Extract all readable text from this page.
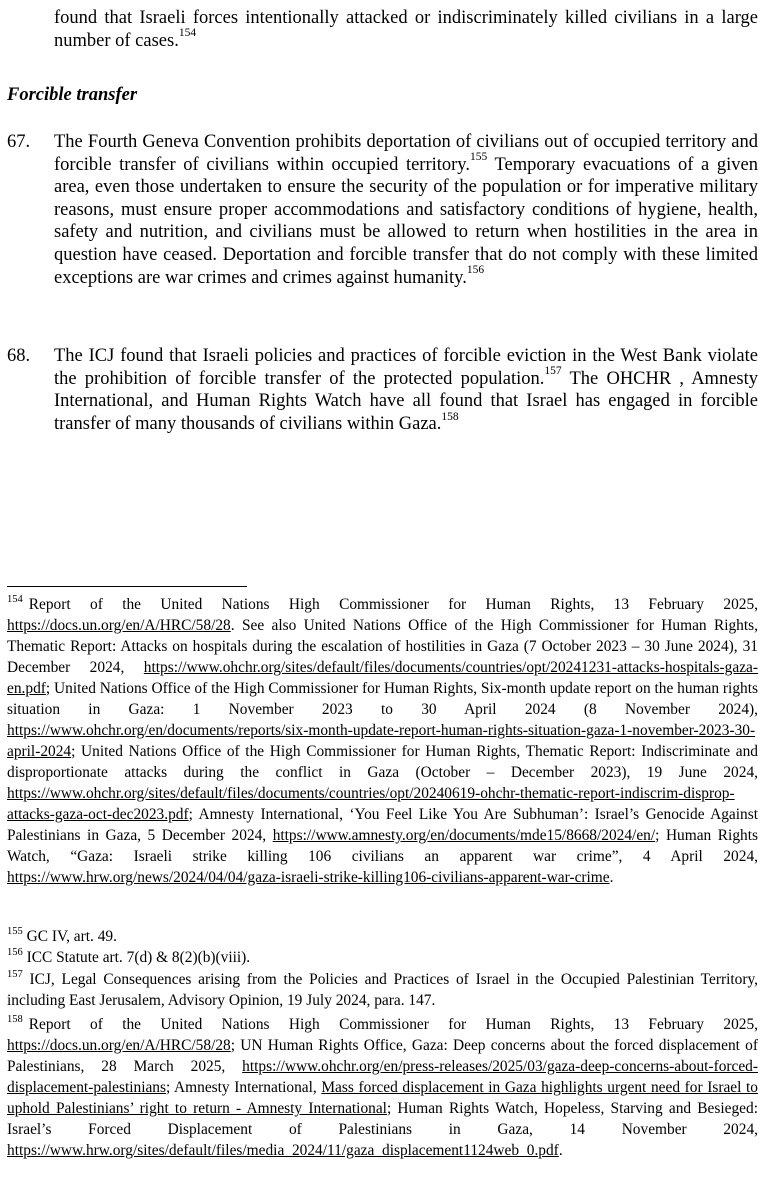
found that Israeli forces intentionally attacked or indiscriminately killed civilians in a large number of cases.$^{154}$
Forcible transfer
67. The Fourth Geneva Convention prohibits deportation of civilians out of occupied territory and forcible transfer of civilians within occupied territory.$^{155}$ Temporary evacuations of a given area, even those undertaken to ensure the security of the population or for imperative military reasons, must ensure proper accommodations and satisfactory conditions of hygiene, health, safety and nutrition, and civilians must be allowed to return when hostilities in the area in question have ceased. Deportation and forcible transfer that do not comply with these limited exceptions are war crimes and crimes against humanity.$^{156}$
68. The ICJ found that Israeli policies and practices of forcible eviction in the West Bank violate the prohibition of forcible transfer of the protected population.$^{157}$ The OHCHR , Amnesty International, and Human Rights Watch have all found that Israel has engaged in forcible transfer of many thousands of civilians within Gaza.$^{158}$
$^{154}$ Report of the United Nations High Commissioner for Human Rights, 13 February 2025, https://docs.un.org/en/A/HRC/58/28. See also United Nations Office of the High Commissioner for Human Rights, Thematic Report: Attacks on hospitals during the escalation of hostilities in Gaza (7 October 2023 – 30 June 2024), 31 December 2024, https://www.ohchr.org/sites/default/files/documents/countries/opt/20241231-attacks-hospitals-gaza-en.pdf; United Nations Office of the High Commissioner for Human Rights, Six-month update report on the human rights situation in Gaza: 1 November 2023 to 30 April 2024 (8 November 2024), https://www.ohchr.org/en/documents/reports/six-month-update-report-human-rights-situation-gaza-1-november-2023-30-april-2024; United Nations Office of the High Commissioner for Human Rights, Thematic Report: Indiscriminate and disproportionate attacks during the conflict in Gaza (October – December 2023), 19 June 2024, https://www.ohchr.org/sites/default/files/documents/countries/opt/20240619-ohchr-thematic-report-indiscrim-disprop-attacks-gaza-oct-dec2023.pdf; Amnesty International, ‘You Feel Like You Are Subhuman’: Israel’s Genocide Against Palestinians in Gaza, 5 December 2024, https://www.amnesty.org/en/documents/mde15/8668/2024/en/; Human Rights Watch, “Gaza: Israeli strike killing 106 civilians an apparent war crime”, 4 April 2024, https://www.hrw.org/news/2024/04/04/gaza-israeli-strike-killing106-civilians-apparent-war-crime.
$^{155}$ GC IV, art. 49.
$^{156}$ ICC Statute art. 7(d) & 8(2)(b)(viii).
$^{157}$ ICJ, Legal Consequences arising from the Policies and Practices of Israel in the Occupied Palestinian Territory, including East Jerusalem, Advisory Opinion, 19 July 2024, para. 147.
$^{158}$ Report of the United Nations High Commissioner for Human Rights, 13 February 2025, https://docs.un.org/en/A/HRC/58/28; UN Human Rights Office, Gaza: Deep concerns about the forced displacement of Palestinians, 28 March 2025, https://www.ohchr.org/en/press-releases/2025/03/gaza-deep-concerns-about-forced-displacement-palestinians; Amnesty International, Mass forced displacement in Gaza highlights urgent need for Israel to uphold Palestinians’ right to return - Amnesty International; Human Rights Watch, Hopeless, Starving and Besieged: Israel’s Forced Displacement of Palestinians in Gaza, 14 November 2024, https://www.hrw.org/sites/default/files/media_2024/11/gaza_displacement1124web_0.pdf.
